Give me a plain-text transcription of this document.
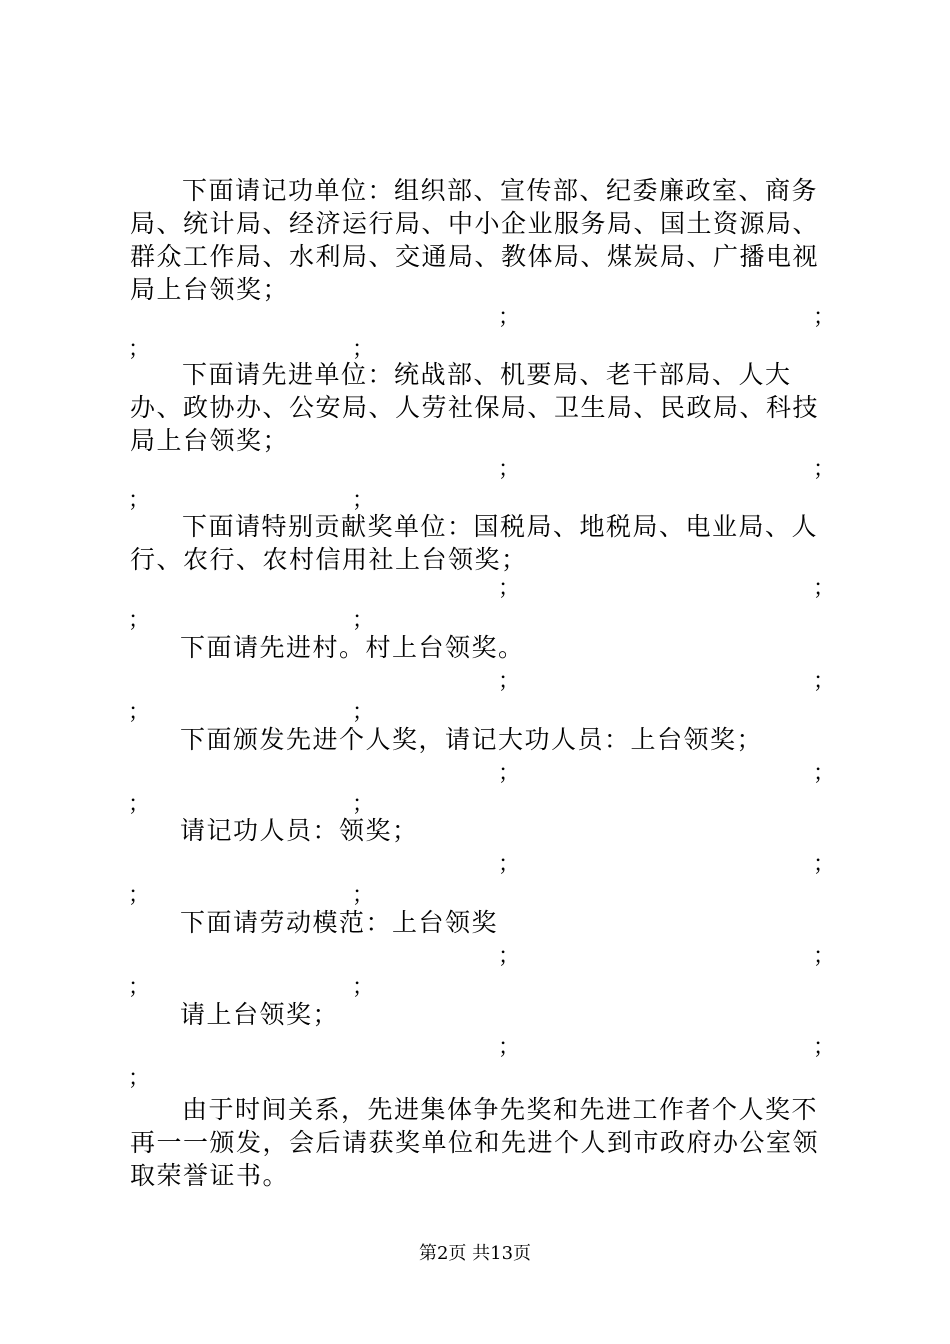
下面请记功单位：组织部、宣传部、纪委廉政室、商务局、统计局、经济运行局、中小企业服务局、国土资源局、群众工作局、水利局、交通局、教体局、煤炭局、广播电视局上台领奖；
；	；
；	；
下面请先进单位：统战部、机要局、老干部局、人大办、政协办、公安局、人劳社保局、卫生局、民政局、科技局上台领奖；
；	；
；	；
下面请特别贡献奖单位：国税局、地税局、电业局、人行、农行、农村信用社上台领奖；
；	；
；	；
下面请先进村。村上台领奖。
；	；
；	；
下面颁发先进个人奖，请记大功人员：上台领奖；
；	；
；	；
请记功人员：领奖；
；	；
；	；
下面请劳动模范：上台领奖
；	；
；	；
请上台领奖；
；	；
；
由于时间关系，先进集体争先奖和先进工作者个人奖不再一一颁发，会后请获奖单位和先进个人到市政府办公室领取荣誉证书。
第2页 共13页
